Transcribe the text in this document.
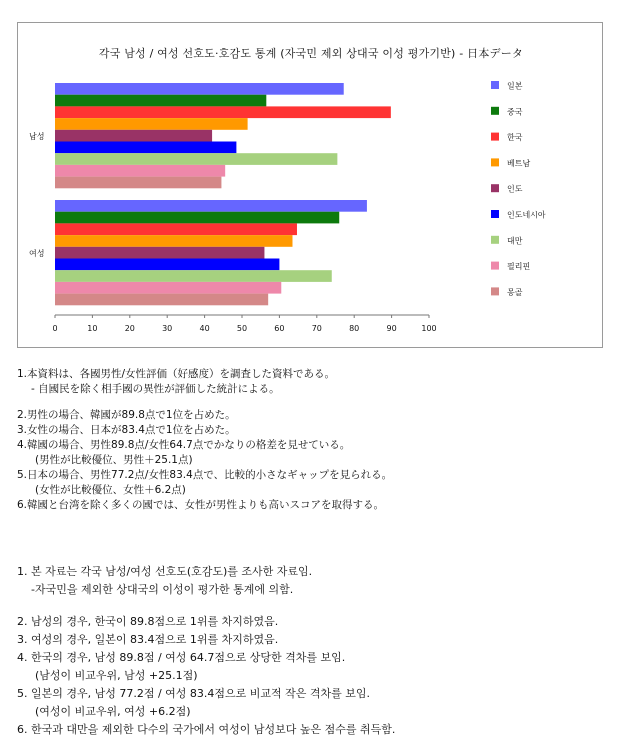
각국 남성 / 여성 선호도·호감도 통계 (자국민 제외 상대국 이성 평가기반) - 日本データ
남성
여성
0	10	20	30	40	50	60	70	80	90	100
일본
중국
한국
베트남
인도
인도네시아
대만
필리핀
몽골
1.本資料は、各國男性/女性評価（好感度）を調査した資料である。
- 自國民を除く相手國の異性が評価した統計による。
2.男性の場合、韓國が89.8点で1位を占めた。
3.女性の場合、日本が83.4点で1位を占めた。
4.韓國の場合、男性89.8点/女性64.7点でかなりの格差を見せている。
(男性が比較優位、男性＋25.1点)
5.日本の場合、男性77.2点/女性83.4点で、比較的小さなギャップを見られる。
(女性が比較優位、女性＋6.2点)
6.韓國と台湾を除く多くの國では、女性が男性よりも高いスコアを取得する。
1. 본 자료는 각국 남성/여성 선호도(호감도)를 조사한 자료임.
-자국민을 제외한 상대국의 이성이 평가한 통계에 의함.
2. 남성의 경우, 한국이 89.8점으로 1위를 차지하였음.
3. 여성의 경우, 일본이 83.4점으로 1위를 차지하였음.
4. 한국의 경우, 남성 89.8점 / 여성 64.7점으로 상당한 격차를 보임.
(남성이 비교우위, 남성 +25.1점)
5. 일본의 경우, 남성 77.2점 / 여성 83.4점으로 비교적 작은 격차를 보임.
(여성이 비교우위, 여성 +6.2점)
6. 한국과 대만을 제외한 다수의 국가에서 여성이 남성보다 높은 점수를 취득함.
